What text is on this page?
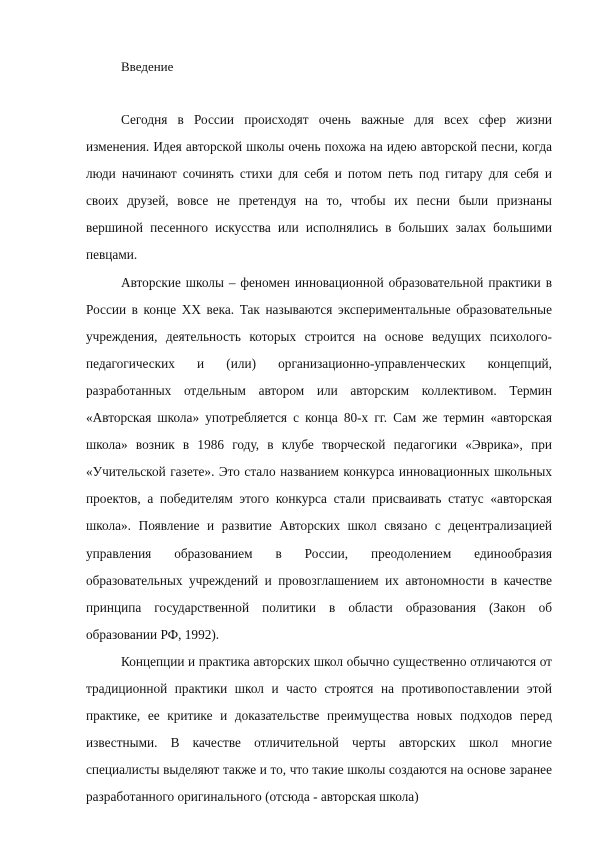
Введение

Сегодня в России происходят очень важные для всех сфер жизни изменения. Идея авторской школы очень похожа на идею авторской песни, когда люди начинают сочинять стихи для себя и потом петь под гитару для себя и своих друзей, вовсе не претендуя на то, чтобы их песни были признаны вершиной песенного искусства или исполнялись в больших залах большими певцами.

Авторские школы – феномен инновационной образовательной практики в России в конце XX века. Так называются экспериментальные образовательные учреждения, деятельность которых строится на основе ведущих психолого-педагогических и (или) организационно-управленческих концепций, разработанных отдельным автором или авторским коллективом. Термин «Авторская школа» употребляется с конца 80-х гг. Сам же термин «авторская школа» возник в 1986 году, в клубе творческой педагогики «Эврика», при «Учительской газете». Это стало названием конкурса инновационных школьных проектов, а победителям этого конкурса стали присваивать статус «авторская школа». Появление и развитие Авторских школ связано с децентрализацией управления образованием в России, преодолением единообразия образовательных учреждений и провозглашением их автономности в качестве принципа государственной политики в области образования (Закон об образовании РФ, 1992).

Концепции и практика авторских школ обычно существенно отличаются от традиционной практики школ и часто строятся на противопоставлении этой практике, ее критике и доказательстве преимущества новых подходов перед известными. В качестве отличительной черты авторских школ многие специалисты выделяют также и то, что такие школы создаются на основе заранее разработанного оригинального (отсюда - авторская школа)
